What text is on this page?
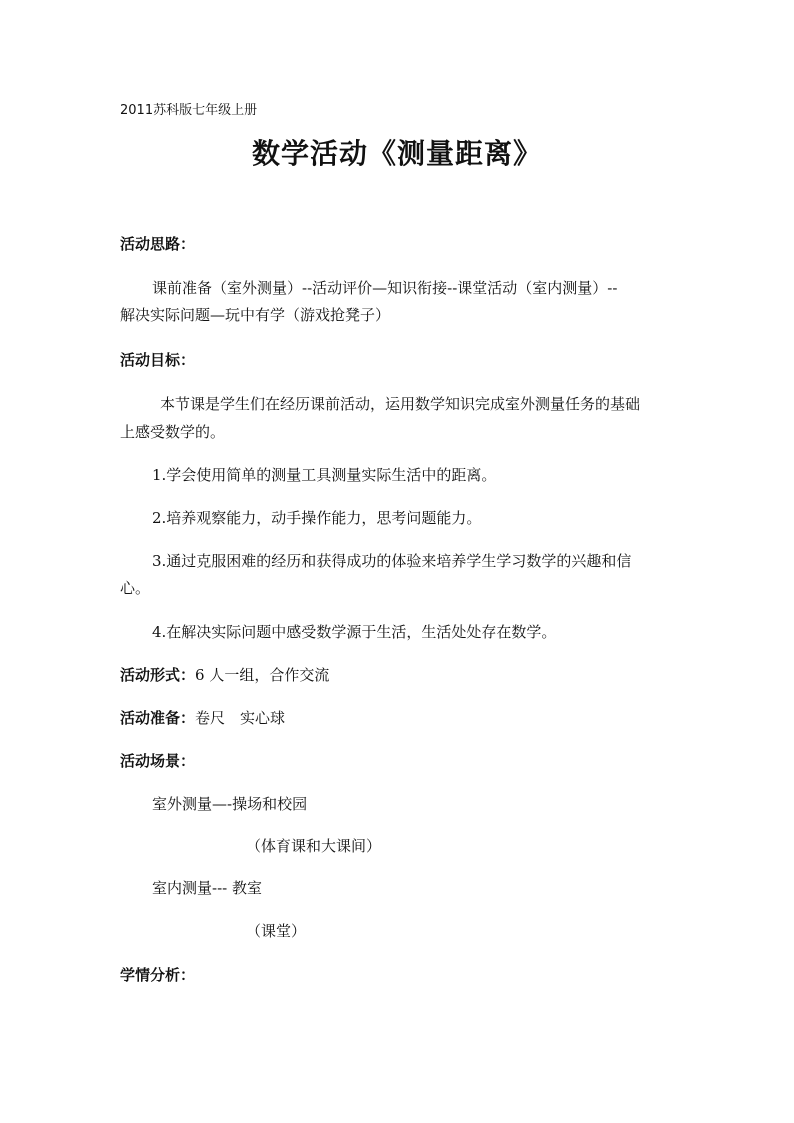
2011苏科版七年级上册
数学活动《测量距离》
活动思路：
课前准备（室外测量）--活动评价—知识衔接--课堂活动（室内测量）--
解决实际问题—玩中有学（游戏抢凳子）
活动目标：
本节课是学生们在经历课前活动，运用数学知识完成室外测量任务的基础
上感受数学的。
1.学会使用简单的测量工具测量实际生活中的距离。
2.培养观察能力，动手操作能力，思考问题能力。
3.通过克服困难的经历和获得成功的体验来培养学生学习数学的兴趣和信
心。
4.在解决实际问题中感受数学源于生活，生活处处存在数学。
活动形式：6 人一组，合作交流
活动准备：卷尺　实心球
活动场景：
室外测量—-操场和校园
（体育课和大课间）
室内测量--- 教室
（课堂）
学情分析：
